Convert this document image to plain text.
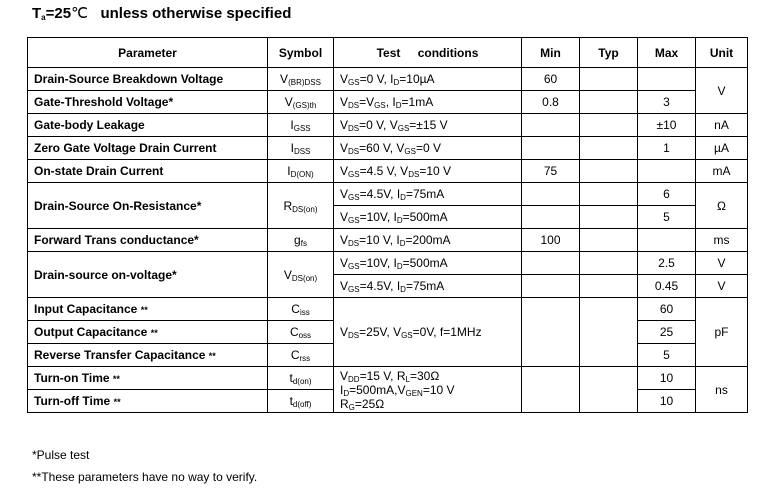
$T_a=25℃$ unless otherwise specified
Parameter	Symbol	Test conditions	Min	Typ	Max	Unit
Drain-Source Breakdown Voltage	$V_{(BR)DSS}$	$V_{GS}=0$ V, $I_D=10\mu A$	60			V
Gate-Threshold Voltage*	$V_{(GS)th}$	$V_{DS}=V_{GS}$, $I_D=1mA$	0.8		3	
Gate-body Leakage	$I_{GSS}$	$V_{DS}=0$ V, $V_{GS}=\pm 15$ V			±10	nA
Zero Gate Voltage Drain Current	$I_{DSS}$	$V_{DS}=60$ V, $V_{GS}=0$ V			1	µA
On-state Drain Current	$I_{D(ON)}$	$V_{GS}=4.5$ V, $V_{DS}=10$ V	75			mA
Drain-Source On-Resistance*	$R_{DS(on)}$	$V_{GS}=4.5V$, $I_D=75mA$			6	Ω
		$V_{GS}=10V$, $I_D=500mA$			5	
Forward Trans conductance*	$g_{fs}$	$V_{DS}=10$ V, $I_D=200mA$	100			ms
Drain-source on-voltage*	$V_{DS(on)}$	$V_{GS}=10V$, $I_D=500mA$			2.5	V
		$V_{GS}=4.5V$, $I_D=75mA$			0.45	V
Input Capacitance **	$C_{iss}$	$V_{DS}=25V$, $V_{GS}=0V$, f=1MHz			60	pF
Output Capacitance **	$C_{oss}$				25	
Reverse Transfer Capacitance **	$C_{rss}$				5	
Turn-on Time **	$t_{d(on)}$	$V_{DD}=15$ V, $R_L=30\Omega$
$I_D=500mA,V_{GEN}=10$ V
$R_G=25\Omega$			10	ns
Turn-off Time **	$t_{d(off)}$				10	
*Pulse test
**These parameters have no way to verify.
